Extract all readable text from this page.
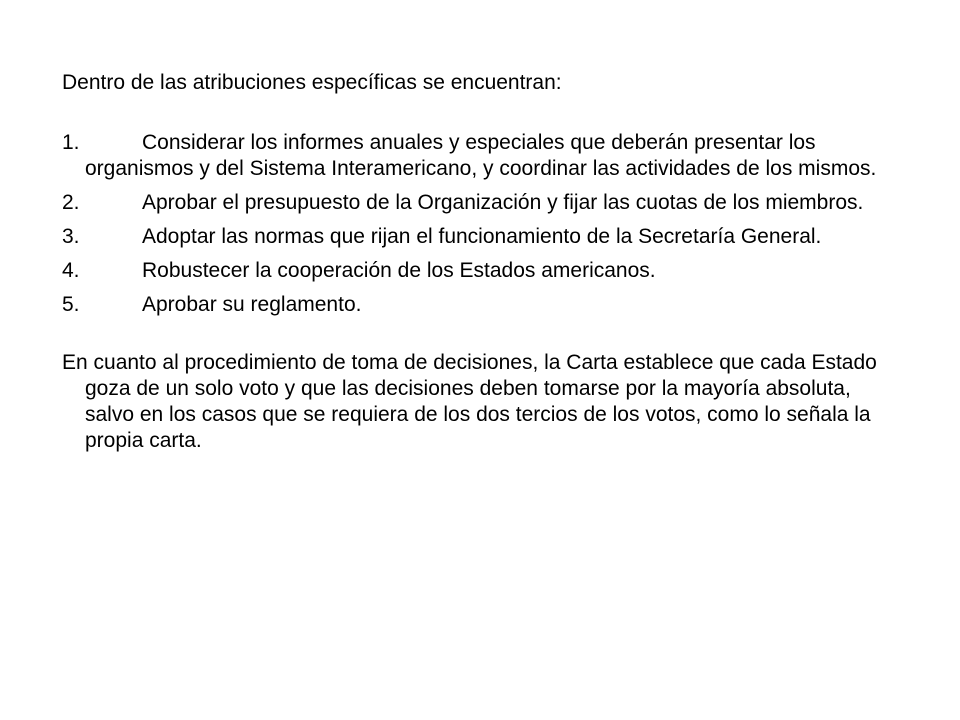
Dentro de las atribuciones específicas se encuentran:

1.	Considerar los informes anuales y especiales que deberán presentar los organismos y del Sistema Interamericano, y coordinar las actividades de los mismos.
2.	Aprobar el presupuesto de la Organización y fijar las cuotas de los miembros.
3.	Adoptar las normas que rijan el funcionamiento de la Secretaría General.
4.	Robustecer la cooperación de los Estados americanos.
5.	Aprobar su reglamento.

En cuanto al procedimiento de toma de decisiones, la Carta establece que cada Estado goza de un solo voto y que las decisiones deben tomarse por la mayoría absoluta, salvo en los casos que se requiera de los dos tercios de los votos, como lo señala la propia carta.
